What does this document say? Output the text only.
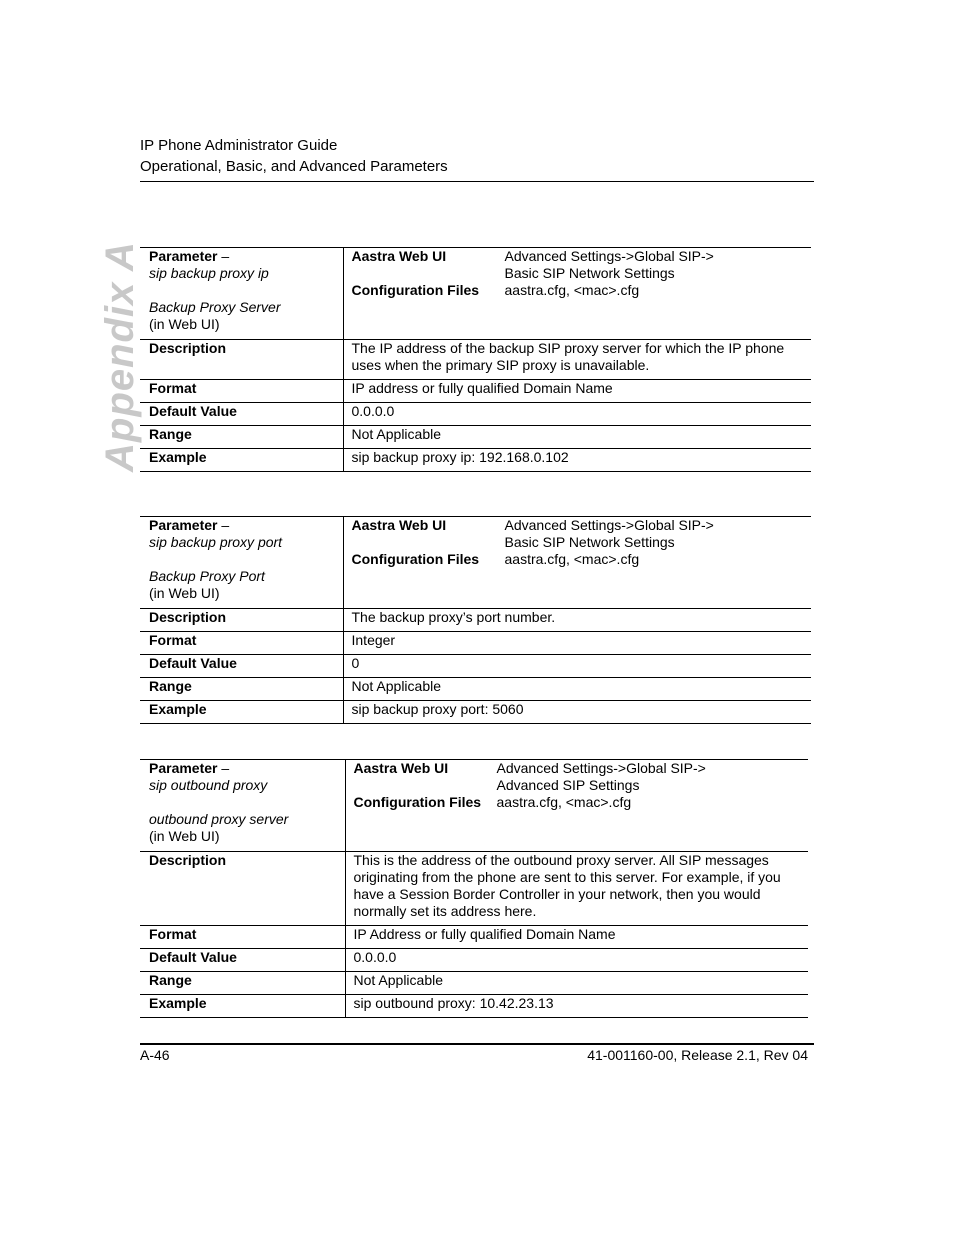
IP Phone Administrator Guide
Operational, Basic, and Advanced Parameters
Appendix A Parameter –
sip backup proxy ip

Backup Proxy Server
(in Web UI)	
Aastra Web UI	Advanced Settings->Global SIP->
Basic SIP Network Settings
Configuration Files	aastra.cfg, <mac>.cfg

Description	The IP address of the backup SIP proxy server for which the IP phone uses when the primary SIP proxy is unavailable.
Format	IP address or fully qualified Domain Name
Default Value	0.0.0.0
Range	Not Applicable
Example	sip backup proxy ip: 192.168.0.102
Parameter –
sip backup proxy port

Backup Proxy Port
(in Web UI)	
Aastra Web UI	Advanced Settings->Global SIP->
Basic SIP Network Settings
Configuration Files	aastra.cfg, <mac>.cfg

Description	The backup proxy’s port number.
Format	Integer
Default Value	0
Range	Not Applicable
Example	sip backup proxy port: 5060
Parameter –
sip outbound proxy

outbound proxy server
(in Web UI)	
Aastra Web UI	Advanced Settings->Global SIP->
Advanced SIP Settings
Configuration Files	aastra.cfg, <mac>.cfg

Description	This is the address of the outbound proxy server. All SIP messages originating from the phone are sent to this server. For example, if you have a Session Border Controller in your network, then you would normally set its address here.
Format	IP Address or fully qualified Domain Name
Default Value	0.0.0.0
Range	Not Applicable
Example	sip outbound proxy: 10.42.23.13
A-46	41-001160-00, Release 2.1, Rev 04
